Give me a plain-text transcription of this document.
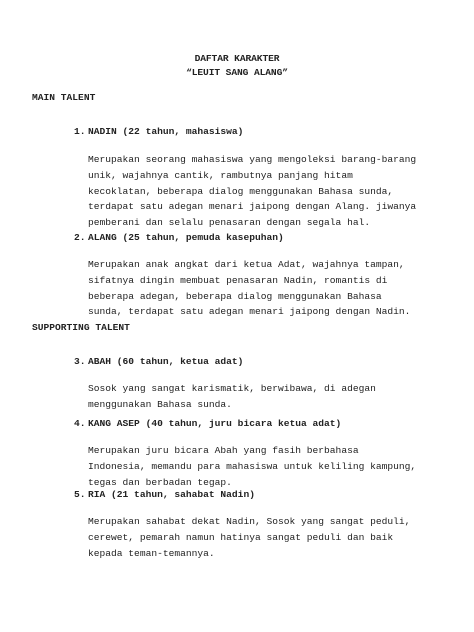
DAFTAR KARAKTER
“LEUIT SANG ALANG”
MAIN TALENT
1. NADIN (22 tahun, mahasiswa)
Merupakan seorang mahasiswa yang mengoleksi barang-barang
unik, wajahnya cantik, rambutnya panjang hitam
kecoklatan, beberapa dialog menggunakan Bahasa sunda,
terdapat satu adegan menari jaipong dengan Alang. jiwanya
pemberani dan selalu penasaran dengan segala hal.
2. ALANG (25 tahun, pemuda kasepuhan)
Merupakan anak angkat dari ketua Adat, wajahnya tampan,
sifatnya dingin membuat penasaran Nadin, romantis di
beberapa adegan, beberapa dialog menggunakan Bahasa
sunda, terdapat satu adegan menari jaipong dengan Nadin.
SUPPORTING TALENT
3. ABAH (60 tahun, ketua adat)
Sosok yang sangat karismatik, berwibawa, di adegan
menggunakan Bahasa sunda.
4. KANG ASEP (40 tahun, juru bicara ketua adat)
Merupakan juru bicara Abah yang fasih berbahasa
Indonesia, memandu para mahasiswa untuk keliling kampung,
tegas dan berbadan tegap.
5. RIA (21 tahun, sahabat Nadin)
Merupakan sahabat dekat Nadin, Sosok yang sangat peduli,
cerewet, pemarah namun hatinya sangat peduli dan baik
kepada teman-temannya.
